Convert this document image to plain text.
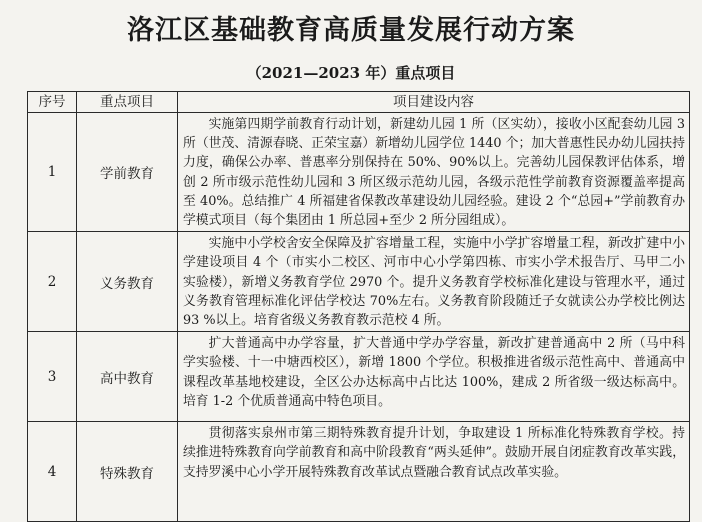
洛江区基础教育高质量发展行动方案
（2021—2023 年）重点项目
序号	重点项目	项目建设内容
1	学前教育	实施第四期学前教育行动计划，新建幼儿园 1 所（区实幼），接收小区配套幼儿园 3 所（世茂、清源春晓、正荣宝嘉）新增幼儿园学位 1440 个；加大普惠性民办幼儿园扶持力度，确保公办率、普惠率分别保持在 50%、90%以上。完善幼儿园保教评估体系，增创 2 所市级示范性幼儿园和 3 所区级示范幼儿园，各级示范性学前教育资源覆盖率提高至 40%。总结推广 4 所福建省保教改革建设幼儿园经验。建设 2 个“总园+”学前教育办学模式项目（每个集团由 1 所总园+至少 2 所分园组成）。
2	义务教育	实施中小学校舍安全保障及扩容增量工程，实施中小学扩容增量工程，新改扩建中小学建设项目 4 个（市实小二校区、河市中心小学第四栋、市实小学术报告厅、马甲二小实验楼），新增义务教育学位 2970 个。提升义务教育学校标准化建设与管理水平，通过义务教育管理标准化评估学校达 70%左右。义务教育阶段随迁子女就读公办学校比例达 93 %以上。培育省级义务教育教示范校 4 所。
3	高中教育	扩大普通高中办学容量，扩大普通中学办学容量，新改扩建普通高中 2 所（马中科学实验楼、十一中塘西校区），新增 1800 个学位。积极推进省级示范性高中、普通高中课程改革基地校建设，全区公办达标高中占比达 100%，建成 2 所省级一级达标高中。培育 1-2 个优质普通高中特色项目。
4	特殊教育	贯彻落实泉州市第三期特殊教育提升计划，争取建设 1 所标准化特殊教育学校。持续推进特殊教育向学前教育和高中阶段教育“两头延伸”。鼓励开展自闭症教育改革实践，支持罗溪中心小学开展特殊教育改革试点暨融合教育试点改革实验。
